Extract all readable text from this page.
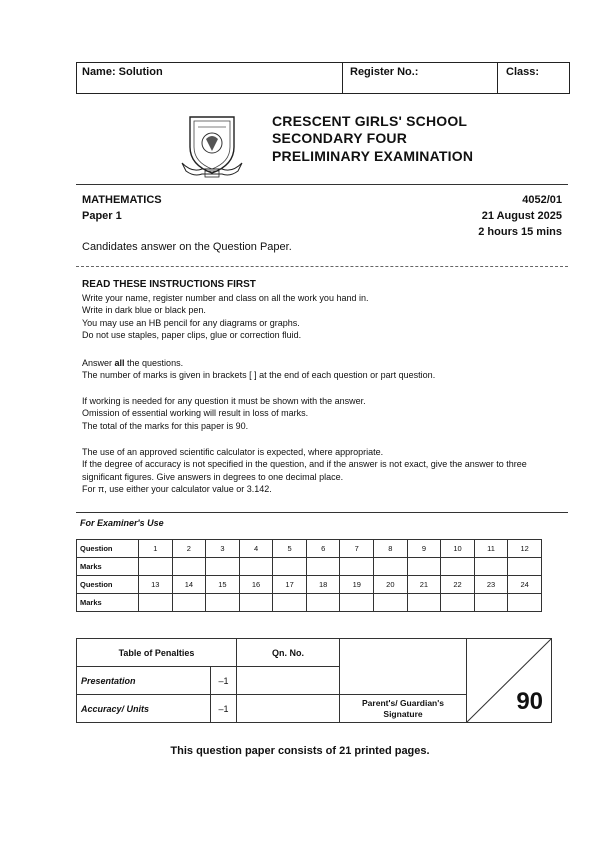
Name: Solution	Register No.:	Class:
CRESCENT GIRLS' SCHOOL
SECONDARY FOUR
PRELIMINARY EXAMINATION
MATHEMATICS
Paper 1
4052/01
21 August 2025
2 hours 15 mins
Candidates answer on the Question Paper.
READ THESE INSTRUCTIONS FIRST
Write your name, register number and class on all the work you hand in.
Write in dark blue or black pen.
You may use an HB pencil for any diagrams or graphs.
Do not use staples, paper clips, glue or correction fluid.
Answer all the questions.
The number of marks is given in brackets [ ] at the end of each question or part question.
If working is needed for any question it must be shown with the answer.
Omission of essential working will result in loss of marks.
The total of the marks for this paper is 90.
The use of an approved scientific calculator is expected, where appropriate.
If the degree of accuracy is not specified in the question, and if the answer is not exact, give the answer to three
significant figures. Give answers in degrees to one decimal place.
For π, use either your calculator value or 3.142.
For Examiner's Use
Question	1	2	3	4	5	6	7	8	9	10	11	12
Marks												
Question	13	14	15	16	17	18	19	20	21	22	23	24
Marks												
Table of Penalties		Qn. No.		90

Presentation	–1			
Accuracy/ Units	–1		Parent's/ Guardian's Signature	
This question paper consists of 21 printed pages.
